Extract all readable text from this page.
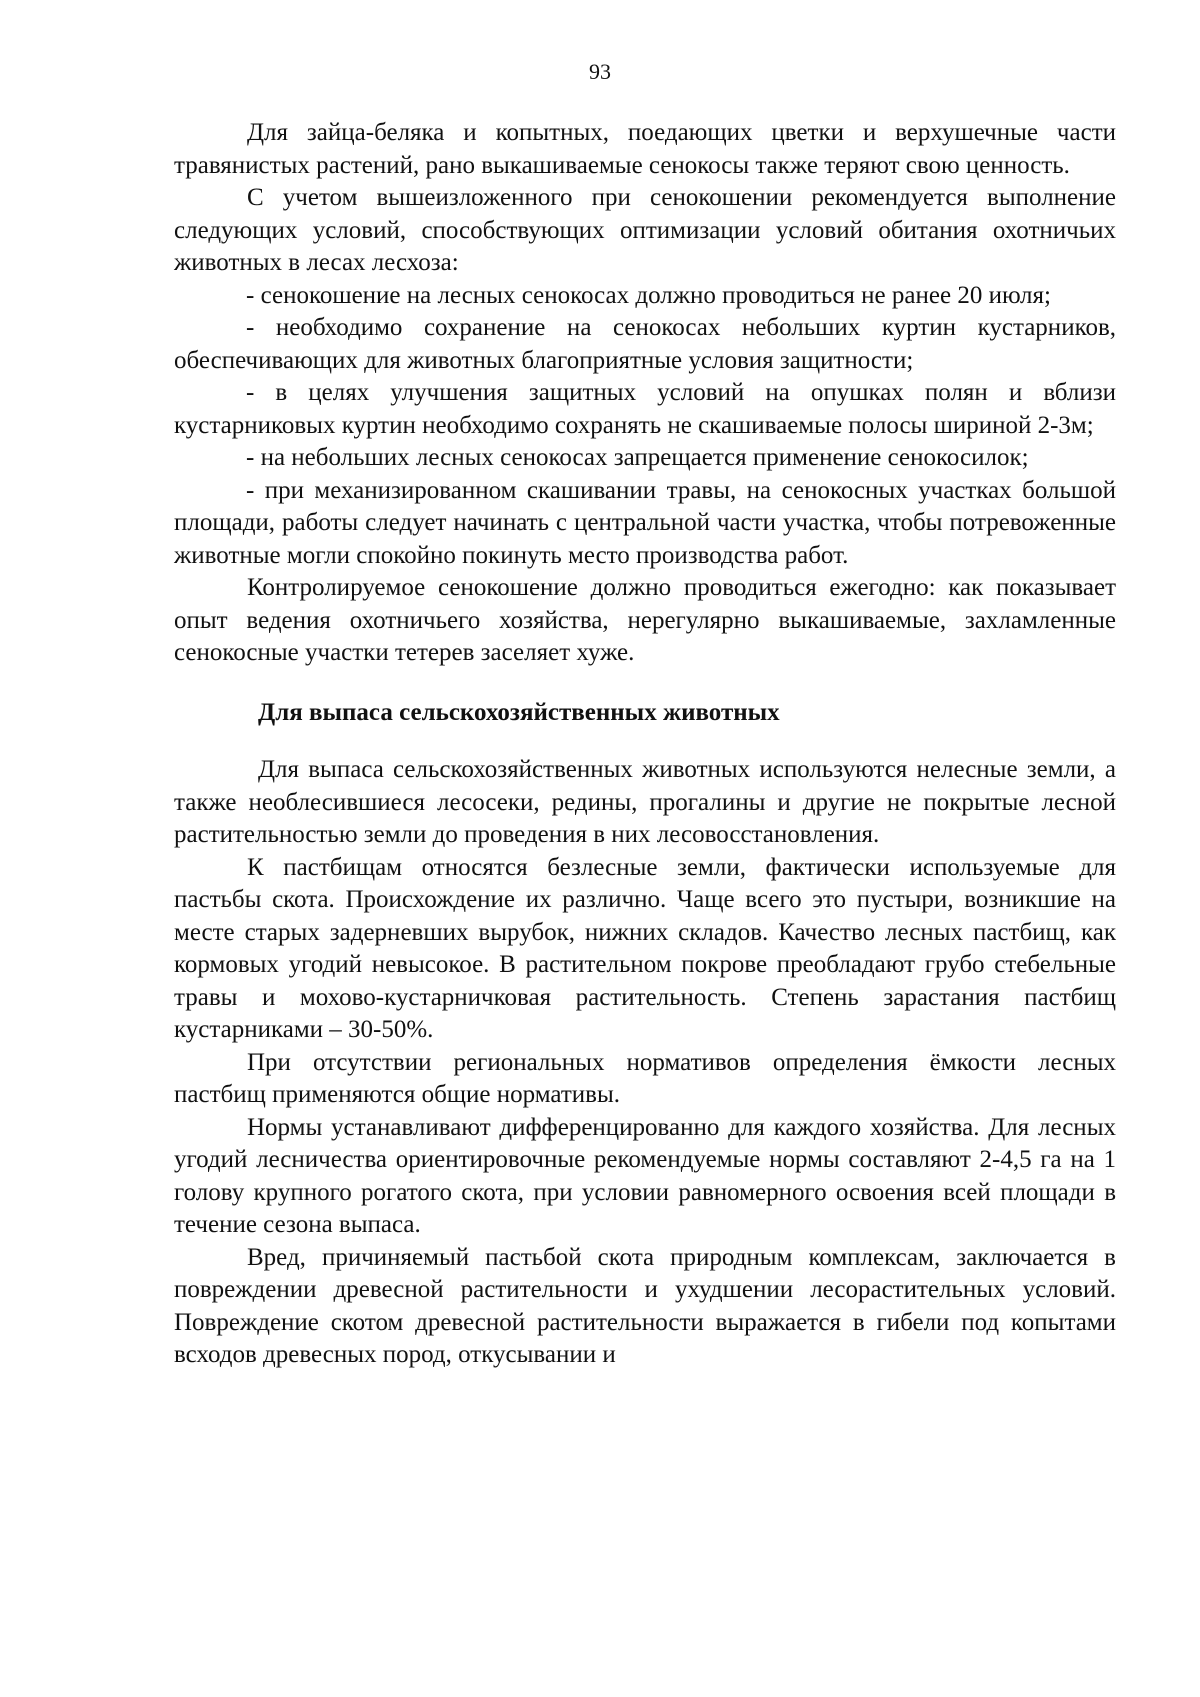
93

Для зайца-беляка и копытных, поедающих цветки и верхушечные части травянистых растений, рано выкашиваемые сенокосы также теряют свою ценность.

С учетом вышеизложенного при сенокошении рекомендуется выполнение следующих условий, способствующих оптимизации условий обитания охотничьих животных в лесах лесхоза:

- сенокошение на лесных сенокосах должно проводиться не ранее 20 июля;

- необходимо сохранение на сенокосах небольших куртин кустарников, обеспечивающих для животных благоприятные условия защитности;

- в целях улучшения защитных условий на опушках полян и вблизи кустарниковых куртин необходимо сохранять не скашиваемые полосы шириной 2-3м;

- на небольших лесных сенокосах запрещается применение сенокосилок;

- при механизированном скашивании травы, на сенокосных участках большой площади, работы следует начинать с центральной части участка, чтобы потревоженные животные могли спокойно покинуть место производства работ.

Контролируемое сенокошение должно проводиться ежегодно: как показывает опыт ведения охотничьего хозяйства, нерегулярно выкашиваемые, захламленные сенокосные участки тетерев заселяет хуже.

Для выпаса сельскохозяйственных животных

Для выпаса сельскохозяйственных животных используются нелесные земли, а также необлесившиеся лесосеки, редины, прогалины и другие не покрытые лесной растительностью земли до проведения в них лесовосстановления.

К пастбищам относятся безлесные земли, фактически используемые для пастьбы скота. Происхождение их различно. Чаще всего это пустыри, возникшие на месте старых задерневших вырубок, нижних складов. Качество лесных пастбищ, как кормовых угодий невысокое. В растительном покрове преобладают грубо стебельные травы и мохово-кустарничковая растительность. Степень зарастания пастбищ кустарниками – 30-50%.

При отсутствии региональных нормативов определения ёмкости лесных пастбищ применяются общие нормативы.

Нормы устанавливают дифференцированно для каждого хозяйства. Для лесных угодий лесничества ориентировочные рекомендуемые нормы составляют 2-4,5 га на 1 голову крупного рогатого скота, при условии равномерного освоения всей площади в течение сезона выпаса.

Вред, причиняемый пастьбой скота природным комплексам, заключается в повреждении древесной растительности и ухудшении лесорастительных условий. Повреждение скотом древесной растительности выражается в гибели под копытами всходов древесных пород, откусывании и
